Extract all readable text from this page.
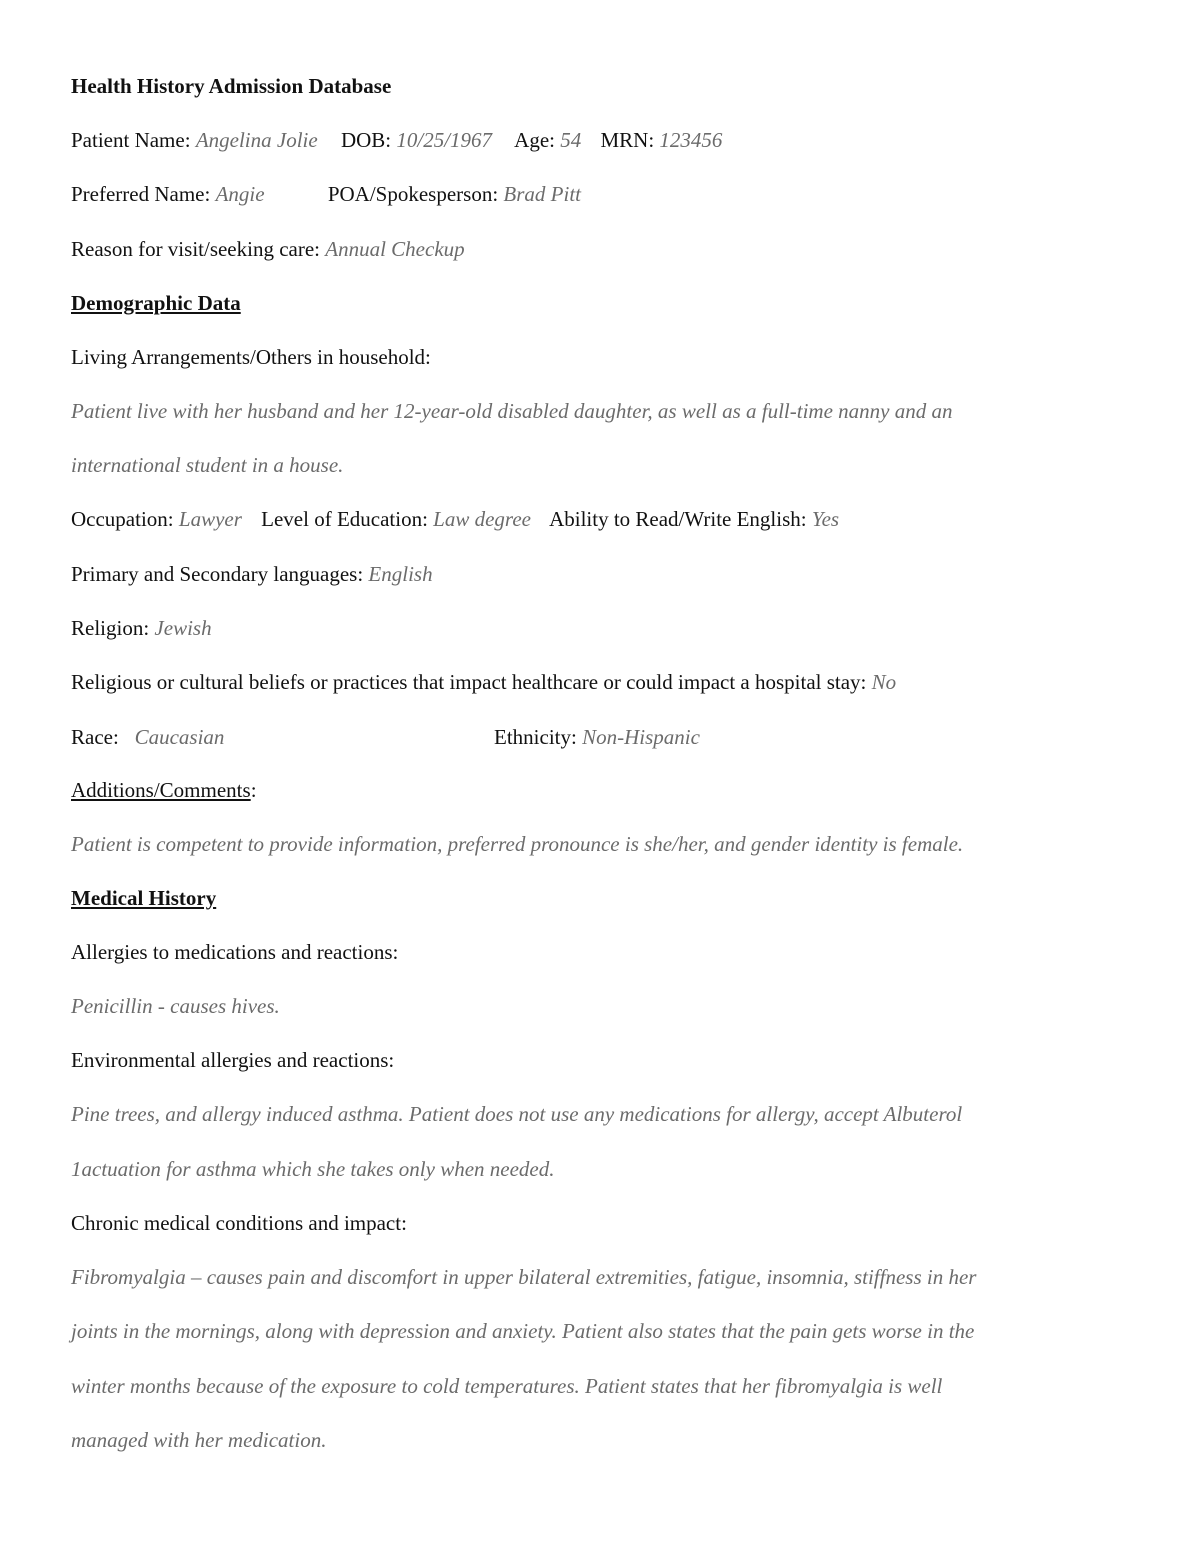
Health History Admission Database
Patient Name: Angelina Jolie DOB: 10/25/1967 Age: 54 MRN: 123456
Preferred Name: Angie	POA/Spokesperson: Brad Pitt
Reason for visit/seeking care: Annual Checkup
Demographic Data
Living Arrangements/Others in household:
Patient live with her husband and her 12-year-old disabled daughter, as well as a full-time nanny and an
international student in a house.
Occupation: Lawyer Level of Education: Law degree Ability to Read/Write English: Yes
Primary and Secondary languages: English
Religion: Jewish
Religious or cultural beliefs or practices that impact healthcare or could impact a hospital stay: No
Race: Caucasian	Ethnicity: Non-Hispanic
Additions/Comments:
Patient is competent to provide information, preferred pronounce is she/her, and gender identity is female.
Medical History
Allergies to medications and reactions:
Penicillin - causes hives.
Environmental allergies and reactions:
Pine trees, and allergy induced asthma. Patient does not use any medications for allergy, accept Albuterol
1actuation for asthma which she takes only when needed.
Chronic medical conditions and impact:
Fibromyalgia – causes pain and discomfort in upper bilateral extremities, fatigue, insomnia, stiffness in her
joints in the mornings, along with depression and anxiety. Patient also states that the pain gets worse in the
winter months because of the exposure to cold temperatures. Patient states that her fibromyalgia is well
managed with her medication.
